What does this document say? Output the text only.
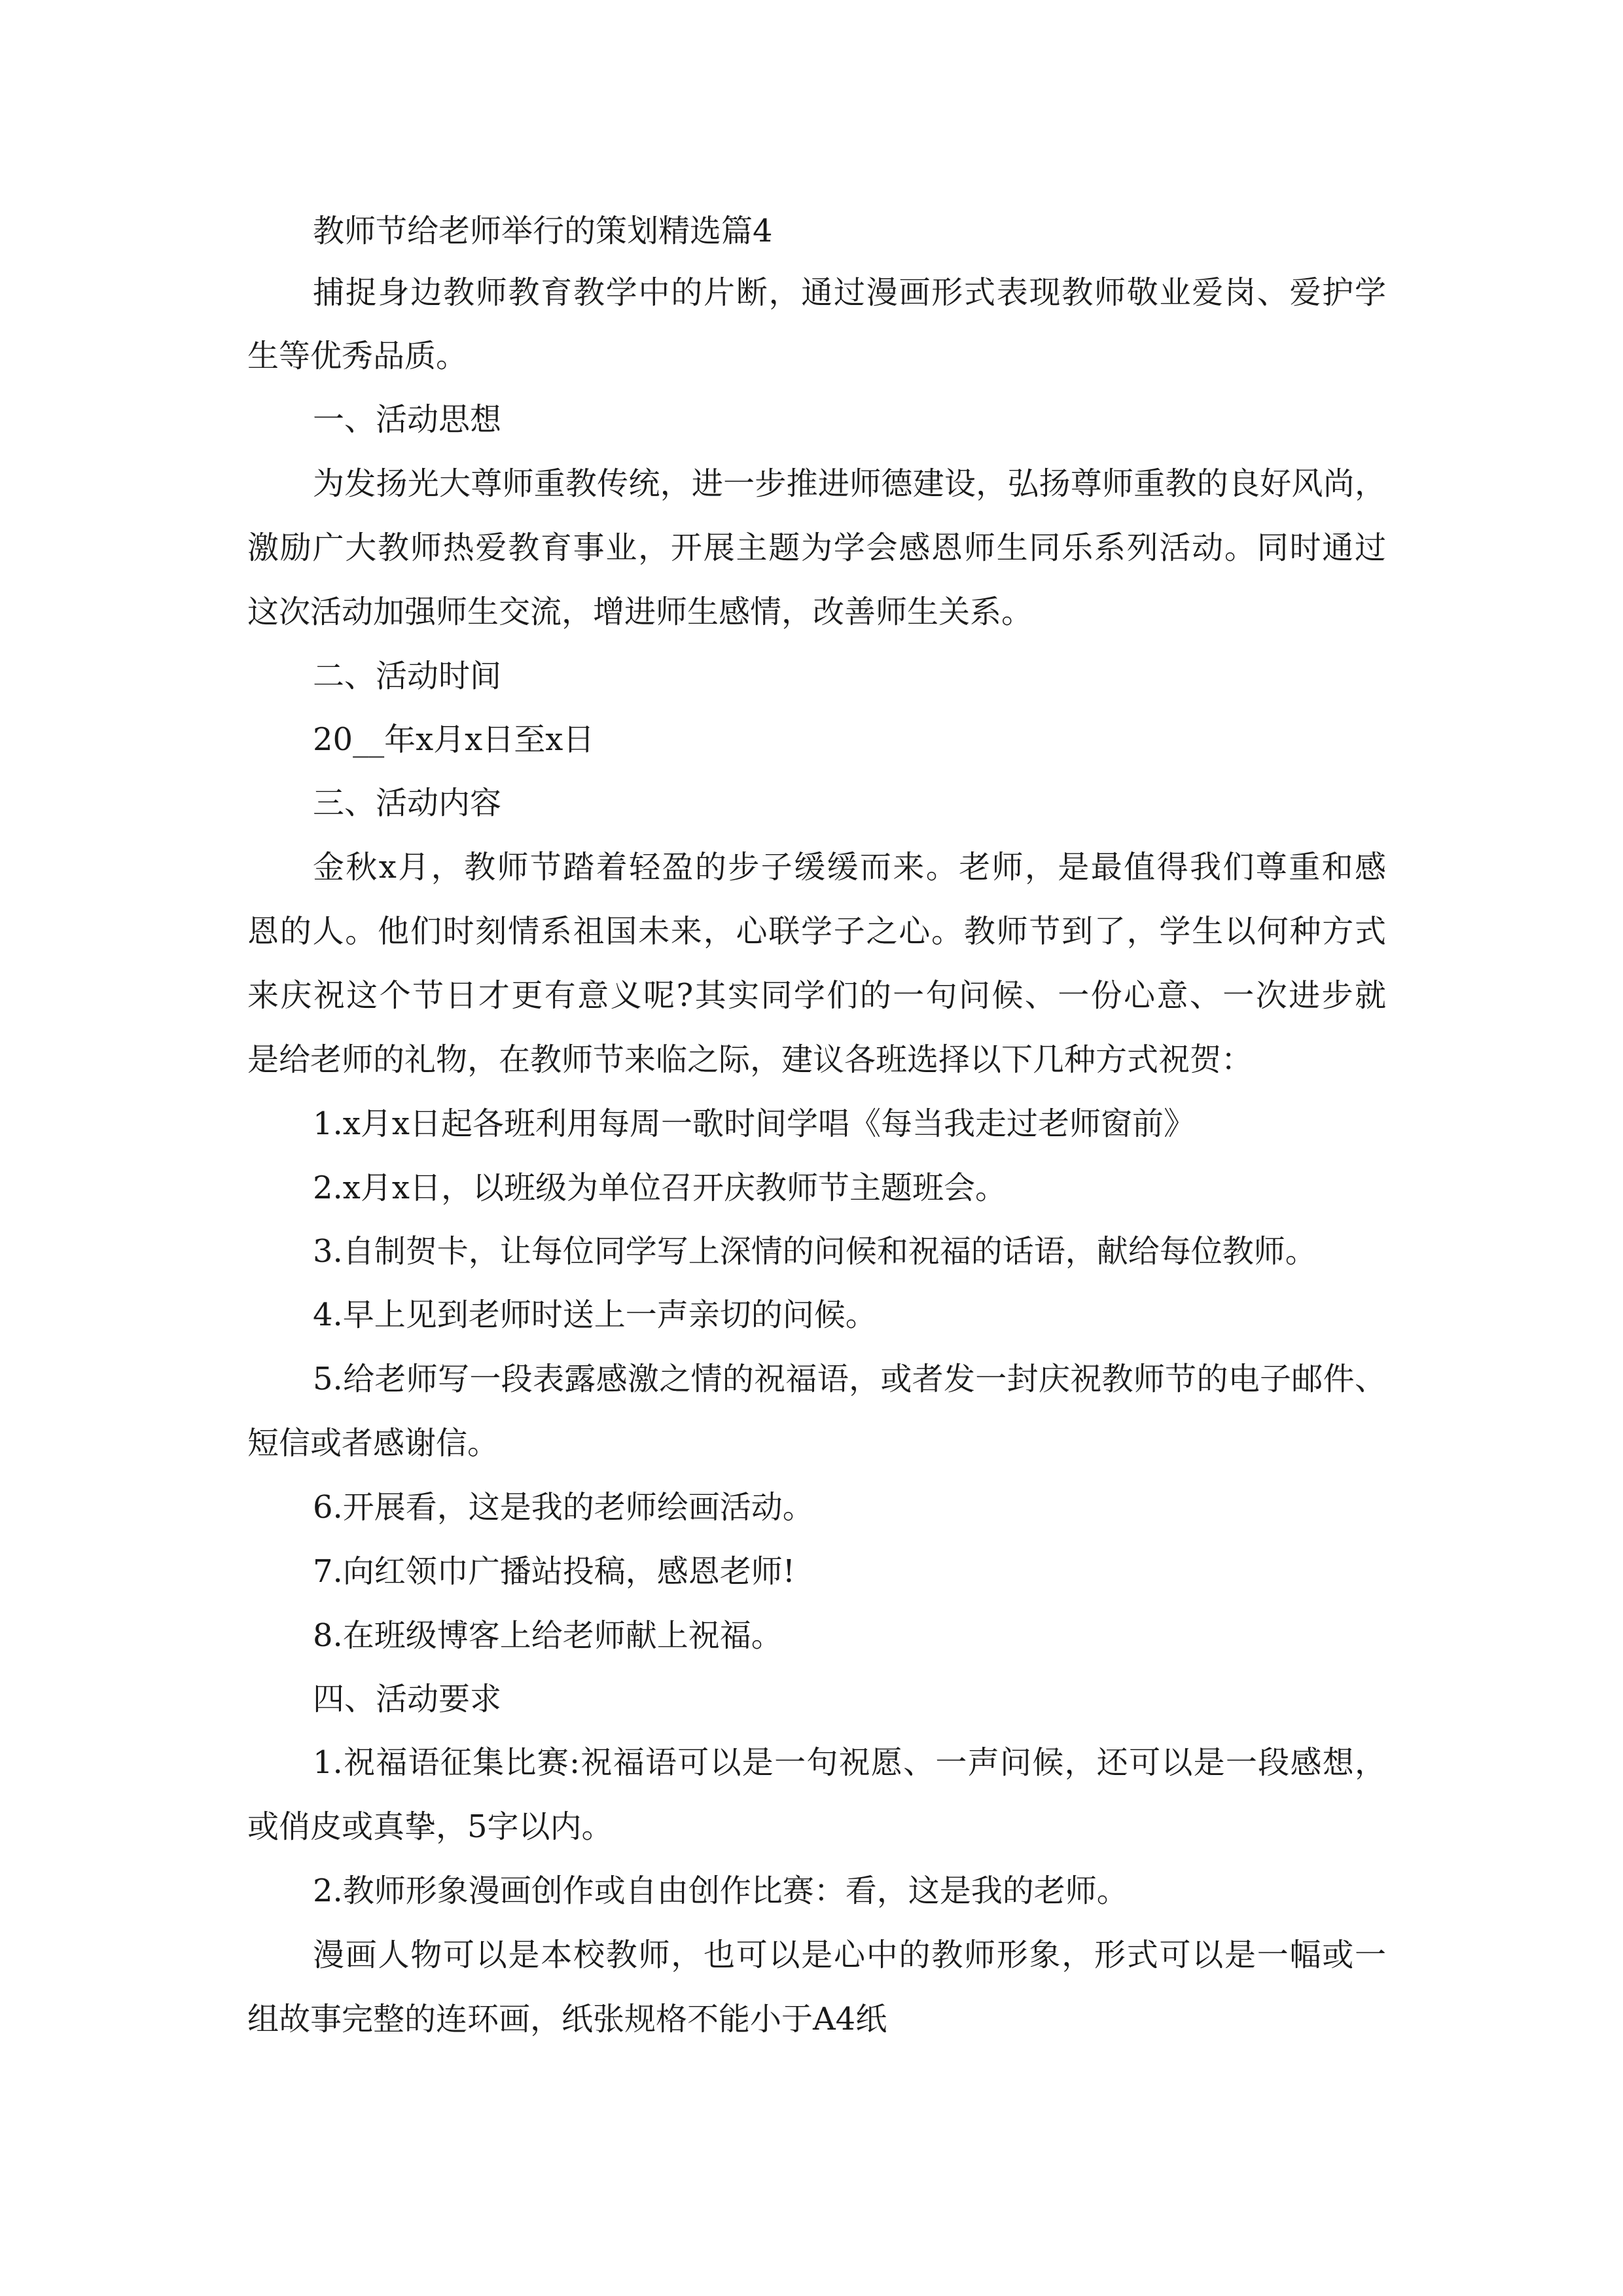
教师节给老师举行的策划精选篇4
捕捉身边教师教育教学中的片断，通过漫画形式表现教师敬业爱岗、爱护学
生等优秀品质。
一、活动思想
为发扬光大尊师重教传统，进一步推进师德建设，弘扬尊师重教的良好风尚，
激励广大教师热爱教育事业，开展主题为学会感恩师生同乐系列活动。同时通过
这次活动加强师生交流，增进师生感情，改善师生关系。
二、活动时间
20__年x月x日至x日
三、活动内容
金秋x月，教师节踏着轻盈的步子缓缓而来。老师，是最值得我们尊重和感
恩的人。他们时刻情系祖国未来，心联学子之心。教师节到了，学生以何种方式
来庆祝这个节日才更有意义呢?其实同学们的一句问候、一份心意、一次进步就
是给老师的礼物，在教师节来临之际，建议各班选择以下几种方式祝贺：
1.x月x日起各班利用每周一歌时间学唱《每当我走过老师窗前》
2.x月x日，以班级为单位召开庆教师节主题班会。
3.自制贺卡，让每位同学写上深情的问候和祝福的话语，献给每位教师。
4.早上见到老师时送上一声亲切的问候。
5.给老师写一段表露感激之情的祝福语，或者发一封庆祝教师节的电子邮件、
短信或者感谢信。
6.开展看，这是我的老师绘画活动。
7.向红领巾广播站投稿，感恩老师!
8.在班级博客上给老师献上祝福。
四、活动要求
1.祝福语征集比赛:祝福语可以是一句祝愿、一声问候，还可以是一段感想，
或俏皮或真挚，5字以内。
2.教师形象漫画创作或自由创作比赛：看，这是我的老师。
漫画人物可以是本校教师，也可以是心中的教师形象，形式可以是一幅或一
组故事完整的连环画，纸张规格不能小于A4纸
